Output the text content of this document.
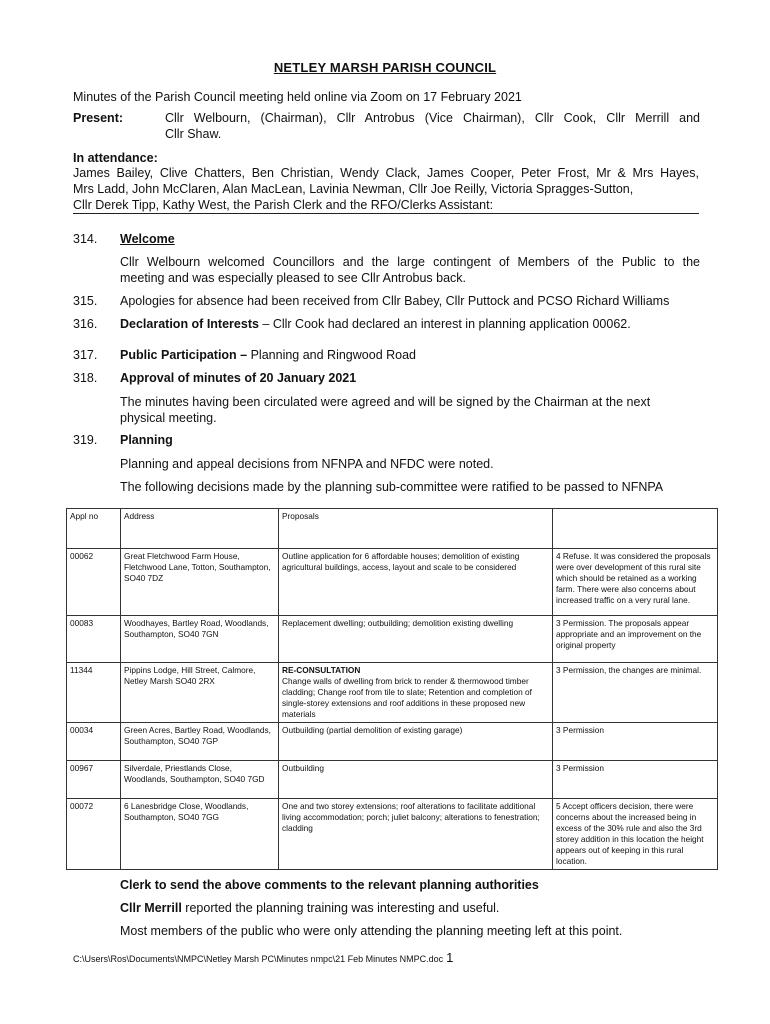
NETLEY MARSH PARISH COUNCIL
Minutes of the Parish Council meeting held online via Zoom on 17 February 2021
Present:	Cllr Welbourn, (Chairman), Cllr Antrobus (Vice Chairman), Cllr Cook, Cllr Merrill and
Cllr Shaw.
In attendance:
James Bailey, Clive Chatters, Ben Christian, Wendy Clack, James Cooper, Peter Frost, Mr & Mrs Hayes,
Mrs Ladd, John McClaren, Alan MacLean, Lavinia Newman, Cllr Joe Reilly, Victoria Spragges-Sutton,
Cllr Derek Tipp, Kathy West, the Parish Clerk and the RFO/Clerks Assistant:
314. Welcome
Cllr Welbourn welcomed Councillors and the large contingent of Members of the Public to the
meeting and was especially pleased to see Cllr Antrobus back.
315. Apologies for absence had been received from Cllr Babey, Cllr Puttock and PCSO Richard Williams
316. Declaration of Interests – Cllr Cook had declared an interest in planning application 00062.
317. Public Participation – Planning and Ringwood Road
318. Approval of minutes of 20 January 2021
The minutes having been circulated were agreed and will be signed by the Chairman at the next
physical meeting.
319. Planning
Planning and appeal decisions from NFNPA and NFDC were noted.
The following decisions made by the planning sub-committee were ratified to be passed to NFNPA
Appl no	Address	Proposals	
00062	Great Fletchwood Farm House, Fletchwood Lane, Totton, Southampton, SO40 7DZ	Outline application for 6 affordable houses; demolition of existing agricultural buildings, access, layout and scale to be considered	4 Refuse. It was considered the proposals were over development of this rural site which should be retained as a working farm. There were also concerns about increased traffic on a very rural lane.
00083	Woodhayes, Bartley Road, Woodlands, Southampton, SO40 7GN	Replacement dwelling; outbuilding; demolition existing dwelling	3 Permission. The proposals appear appropriate and an improvement on the original property
11344	Pippins Lodge, Hill Street, Calmore, Netley Marsh SO40 2RX	RE-CONSULTATION
Change walls of dwelling from brick to render & thermowood timber cladding; Change roof from tile to slate; Retention and completion of single-storey extensions and roof additions in these proposed new materials	3 Permission, the changes are minimal.
00034	Green Acres, Bartley Road, Woodlands, Southampton, SO40 7GP	Outbuilding (partial demolition of existing garage)	3 Permission
00967	Silverdale, Priestlands Close, Woodlands, Southampton, SO40 7GD	Outbuilding	3 Permission
00072	6 Lanesbridge Close, Woodlands, Southampton, SO40 7GG	One and two storey extensions; roof alterations to facilitate additional living accommodation; porch; juliet balcony; alterations to fenestration; cladding	5 Accept officers decision, there were concerns about the increased being in excess of the 30% rule and also the 3rd storey addition in this location the height appears out of keeping in this rural location.
Clerk to send the above comments to the relevant planning authorities
Cllr Merrill reported the planning training was interesting and useful.
Most members of the public who were only attending the planning meeting left at this point.
C:\Users\Ros\Documents\NMPC\Netley Marsh PC\Minutes nmpc\21 Feb Minutes NMPC.doc 1
